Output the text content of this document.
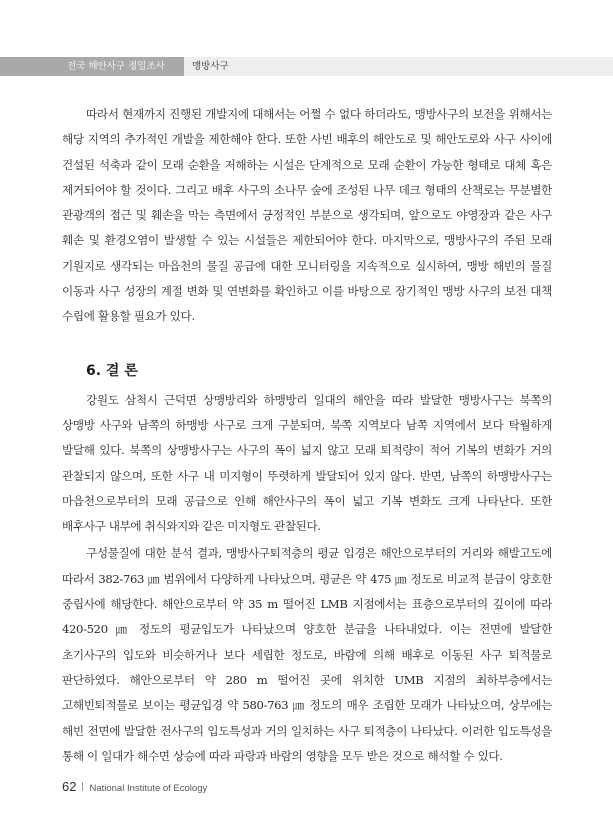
전국 해안사구 정밀조사	맹방사구

따라서 현재까지 진행된 개발지에 대해서는 어쩔 수 없다 하더라도, 맹방사구의 보전을 위해서는 해당 지역의 추가적인 개발을 제한해야 한다. 또한 사빈 배후의 해안도로 및 해안도로와 사구 사이에 건설된 석축과 같이 모래 순환을 저해하는 시설은 단계적으로 모래 순환이 가능한 형태로 대체 혹은 제거되어야 할 것이다. 그리고 배후 사구의 소나무 숲에 조성된 나무 데크 형태의 산책로는 무분별한 관광객의 접근 및 훼손을 막는 측면에서 긍정적인 부분으로 생각되며, 앞으로도 야영장과 같은 사구 훼손 및 환경오염이 발생할 수 있는 시설들은 제한되어야 한다. 마지막으로, 맹방사구의 주된 모래 기원지로 생각되는 마읍천의 물질 공급에 대한 모니터링을 지속적으로 실시하여, 맹방 해빈의 물질 이동과 사구 성장의 계절 변화 및 연변화를 확인하고 이를 바탕으로 장기적인 맹방 사구의 보전 대책 수립에 활용할 필요가 있다.

6. 결 론

강원도 삼척시 근덕면 상맹방리와 하맹방리 일대의 해안을 따라 발달한 맹방사구는 북쪽의 상맹방 사구와 남쪽의 하맹방 사구로 크게 구분되며, 북쪽 지역보다 남쪽 지역에서 보다 탁월하게 발달해 있다. 북쪽의 상맹방사구는 사구의 폭이 넓지 않고 모래 퇴적량이 적어 기복의 변화가 거의 관찰되지 않으며, 또한 사구 내 미지형이 뚜렷하게 발달되어 있지 않다. 반면, 남쪽의 하맹방사구는 마읍천으로부터의 모래 공급으로 인해 해안사구의 폭이 넓고 기복 변화도 크게 나타난다. 또한 배후사구 내부에 취식와지와 같은 미지형도 관찰된다.

구성물질에 대한 분석 결과, 맹방사구퇴적층의 평균 입경은 해안으로부터의 거리와 해발고도에 따라서 382-763 ㎛ 범위에서 다양하게 나타났으며, 평균은 약 475 ㎛ 정도로 비교적 분급이 양호한 중립사에 해당한다. 해안으로부터 약 35 m 떨어진 LMB 지점에서는 표층으로부터의 깊이에 따라 420-520 ㎛ 정도의 평균입도가 나타났으며 양호한 분급을 나타내었다. 이는 전면에 발달한 초기사구의 입도와 비슷하거나 보다 세립한 정도로, 바람에 의해 배후로 이동된 사구 퇴적물로 판단하였다. 해안으로부터 약 280 m 떨어진 곳에 위치한 UMB 지점의 최하부층에서는 고해빈퇴적물로 보이는 평균입경 약 580-763 ㎛ 정도의 매우 조립한 모래가 나타났으며, 상부에는 해빈 전면에 발달한 전사구의 입도특성과 거의 일치하는 사구 퇴적층이 나타났다. 이러한 입도특성을 통해 이 일대가 해수면 상승에 따라 파랑과 바람의 영향을 모두 받은 것으로 해석할 수 있다.

62 National Institute of Ecology
